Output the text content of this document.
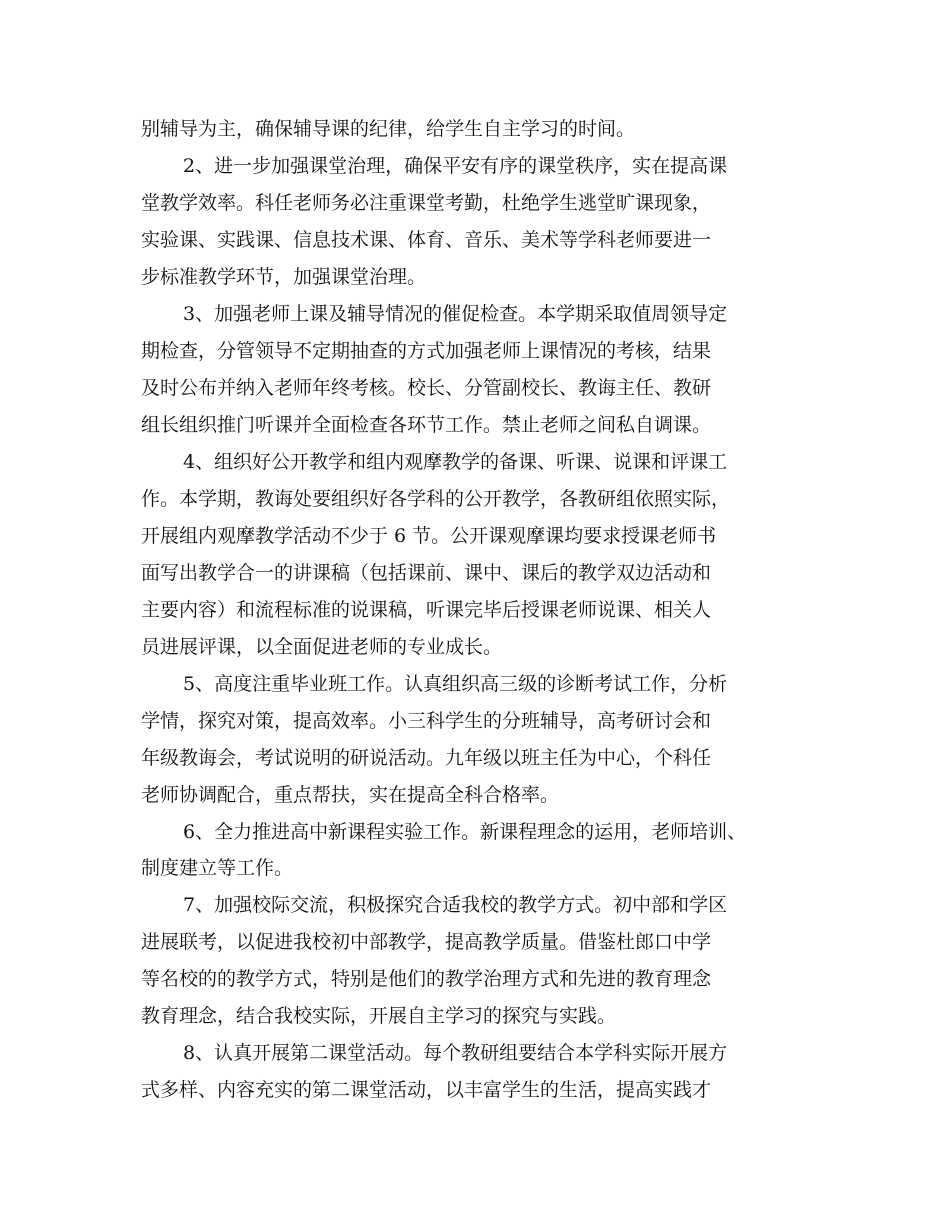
别辅导为主，确保辅导课的纪律，给学生自主学习的时间。
2、进一步加强课堂治理，确保平安有序的课堂秩序，实在提高课
堂教学效率。科任老师务必注重课堂考勤，杜绝学生逃堂旷课现象，
实验课、实践课、信息技术课、体育、音乐、美术等学科老师要进一
步标准教学环节，加强课堂治理。
3、加强老师上课及辅导情况的催促检查。本学期采取值周领导定
期检查，分管领导不定期抽查的方式加强老师上课情况的考核，结果
及时公布并纳入老师年终考核。校长、分管副校长、教诲主任、教研
组长组织推门听课并全面检查各环节工作。禁止老师之间私自调课。
4、组织好公开教学和组内观摩教学的备课、听课、说课和评课工
作。本学期，教诲处要组织好各学科的公开教学，各教研组依照实际，
开展组内观摩教学活动不少于 6 节。公开课观摩课均要求授课老师书
面写出教学合一的讲课稿（包括课前、课中、课后的教学双边活动和
主要内容）和流程标准的说课稿，听课完毕后授课老师说课、相关人
员进展评课，以全面促进老师的专业成长。
5、高度注重毕业班工作。认真组织高三级的诊断考试工作，分析
学情，探究对策，提高效率。小三科学生的分班辅导，高考研讨会和
年级教诲会，考试说明的研说活动。九年级以班主任为中心，个科任
老师协调配合，重点帮扶，实在提高全科合格率。
6、全力推进高中新课程实验工作。新课程理念的运用，老师培训、
制度建立等工作。
7、加强校际交流，积极探究合适我校的教学方式。初中部和学区
进展联考，以促进我校初中部教学，提高教学质量。借鉴杜郎口中学
等名校的的教学方式，特别是他们的教学治理方式和先进的教育理念
教育理念，结合我校实际，开展自主学习的探究与实践。
8、认真开展第二课堂活动。每个教研组要结合本学科实际开展方
式多样、内容充实的第二课堂活动，以丰富学生的生活，提高实践才
